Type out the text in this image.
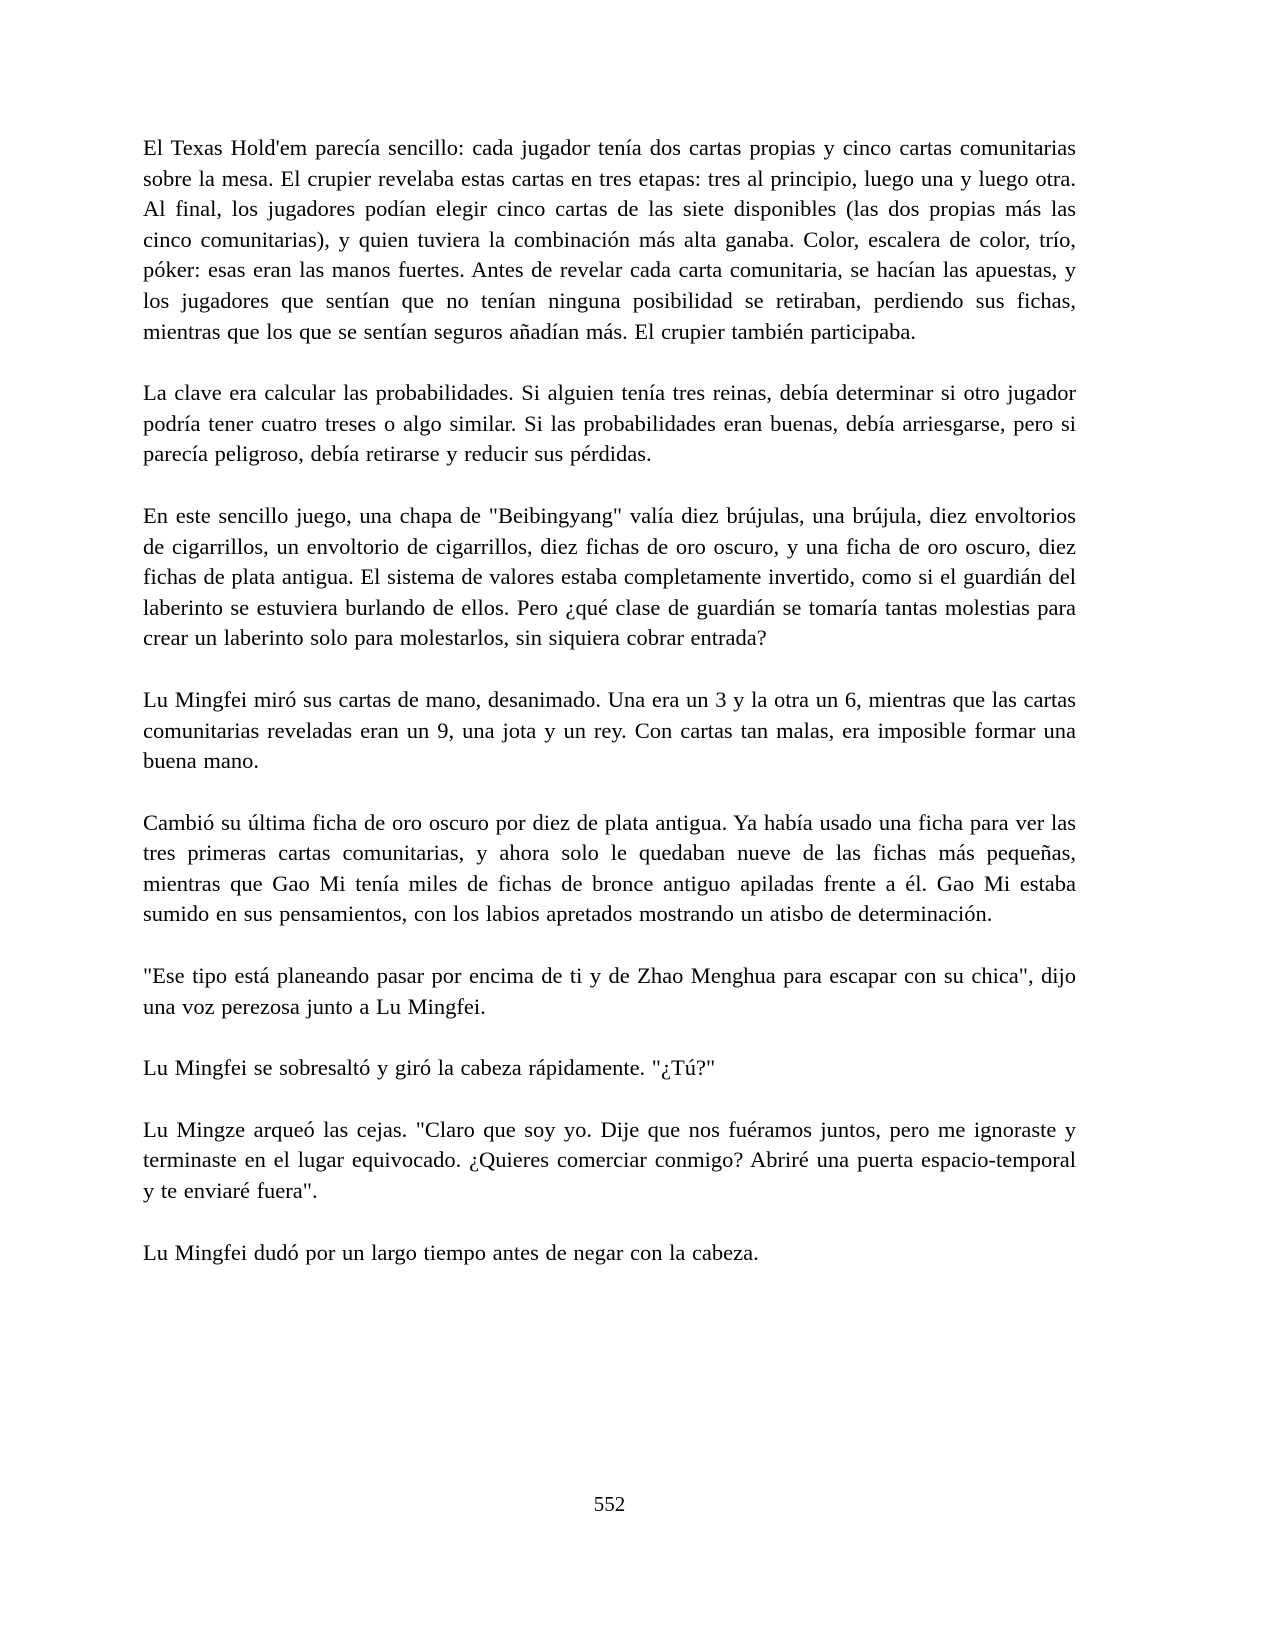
El Texas Hold'em parecía sencillo: cada jugador tenía dos cartas propias y cinco cartas comunitarias sobre la mesa. El crupier revelaba estas cartas en tres etapas: tres al principio, luego una y luego otra. Al final, los jugadores podían elegir cinco cartas de las siete disponibles (las dos propias más las cinco comunitarias), y quien tuviera la combinación más alta ganaba. Color, escalera de color, trío, póker: esas eran las manos fuertes. Antes de revelar cada carta comunitaria, se hacían las apuestas, y los jugadores que sentían que no tenían ninguna posibilidad se retiraban, perdiendo sus fichas, mientras que los que se sentían seguros añadían más. El crupier también participaba.

La clave era calcular las probabilidades. Si alguien tenía tres reinas, debía determinar si otro jugador podría tener cuatro treses o algo similar. Si las probabilidades eran buenas, debía arriesgarse, pero si parecía peligroso, debía retirarse y reducir sus pérdidas.

En este sencillo juego, una chapa de "Beibingyang" valía diez brújulas, una brújula, diez envoltorios de cigarrillos, un envoltorio de cigarrillos, diez fichas de oro oscuro, y una ficha de oro oscuro, diez fichas de plata antigua. El sistema de valores estaba completamente invertido, como si el guardián del laberinto se estuviera burlando de ellos. Pero ¿qué clase de guardián se tomaría tantas molestias para crear un laberinto solo para molestarlos, sin siquiera cobrar entrada?

Lu Mingfei miró sus cartas de mano, desanimado. Una era un 3 y la otra un 6, mientras que las cartas comunitarias reveladas eran un 9, una jota y un rey. Con cartas tan malas, era imposible formar una buena mano.

Cambió su última ficha de oro oscuro por diez de plata antigua. Ya había usado una ficha para ver las tres primeras cartas comunitarias, y ahora solo le quedaban nueve de las fichas más pequeñas, mientras que Gao Mi tenía miles de fichas de bronce antiguo apiladas frente a él. Gao Mi estaba sumido en sus pensamientos, con los labios apretados mostrando un atisbo de determinación.

"Ese tipo está planeando pasar por encima de ti y de Zhao Menghua para escapar con su chica", dijo una voz perezosa junto a Lu Mingfei.

Lu Mingfei se sobresaltó y giró la cabeza rápidamente. "¿Tú?"

Lu Mingze arqueó las cejas. "Claro que soy yo. Dije que nos fuéramos juntos, pero me ignoraste y terminaste en el lugar equivocado. ¿Quieres comerciar conmigo? Abriré una puerta espacio-temporal y te enviaré fuera".

Lu Mingfei dudó por un largo tiempo antes de negar con la cabeza.

552
